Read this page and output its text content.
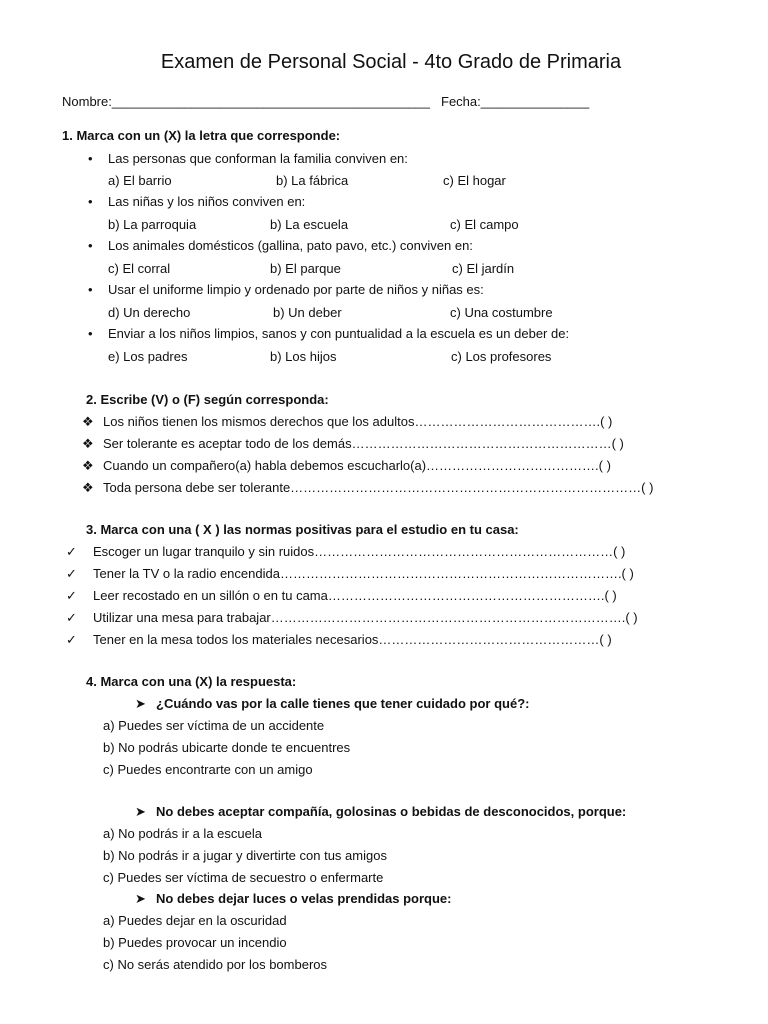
Examen de Personal Social - 4to Grado de Primaria
Nombre:____________________________________________ Fecha:_______________
1. Marca con un (X) la letra que corresponde:
• Las personas que conforman la familia conviven en:
a) El barrio	b) La fábrica	c) El hogar
• Las niñas y los niños conviven en:
b) La parroquia	b) La escuela	c) El campo
• Los animales domésticos (gallina, pato pavo, etc.) conviven en:
c) El corral	b) El parque	c) El jardín
• Usar el uniforme limpio y ordenado por parte de niños y niñas es:
d) Un derecho	b) Un deber	c) Una costumbre
• Enviar a los niños limpios, sanos y con puntualidad a la escuela es un deber de:
e) Los padres	b) Los hijos	c) Los profesores
2. Escribe (V) o (F) según corresponda:
❖ Los niños tienen los mismos derechos que los adultos…………………………………….( )
❖ Ser tolerante es aceptar todo de los demás……………………………………………………( )
❖ Cuando un compañero(a) habla debemos escucharlo(a)………………………………….( )
❖ Toda persona debe ser tolerante………………………………………………………………………( )
3. Marca con una ( X ) las normas positivas para el estudio en tu casa:
✓ Escoger un lugar tranquilo y sin ruidos……………………………………………………………( )
✓ Tener la TV o la radio encendida…………………………………………………………………….( )
✓ Leer recostado en un sillón o en tu cama……………………………………………………….( )
✓ Utilizar una mesa para trabajar……………………………………………………………………….( )
✓ Tener en la mesa todos los materiales necesarios……………………………………………( )
4. Marca con una (X) la respuesta:
➤ ¿Cuándo vas por la calle tienes que tener cuidado por qué?:
a) Puedes ser víctima de un accidente
b) No podrás ubicarte donde te encuentres
c) Puedes encontrarte con un amigo
➤ No debes aceptar compañía, golosinas o bebidas de desconocidos, porque:
a) No podrás ir a la escuela
b) No podrás ir a jugar y divertirte con tus amigos
c) Puedes ser víctima de secuestro o enfermarte
➤ No debes dejar luces o velas prendidas porque:
a) Puedes dejar en la oscuridad
b) Puedes provocar un incendio
c) No serás atendido por los bomberos
